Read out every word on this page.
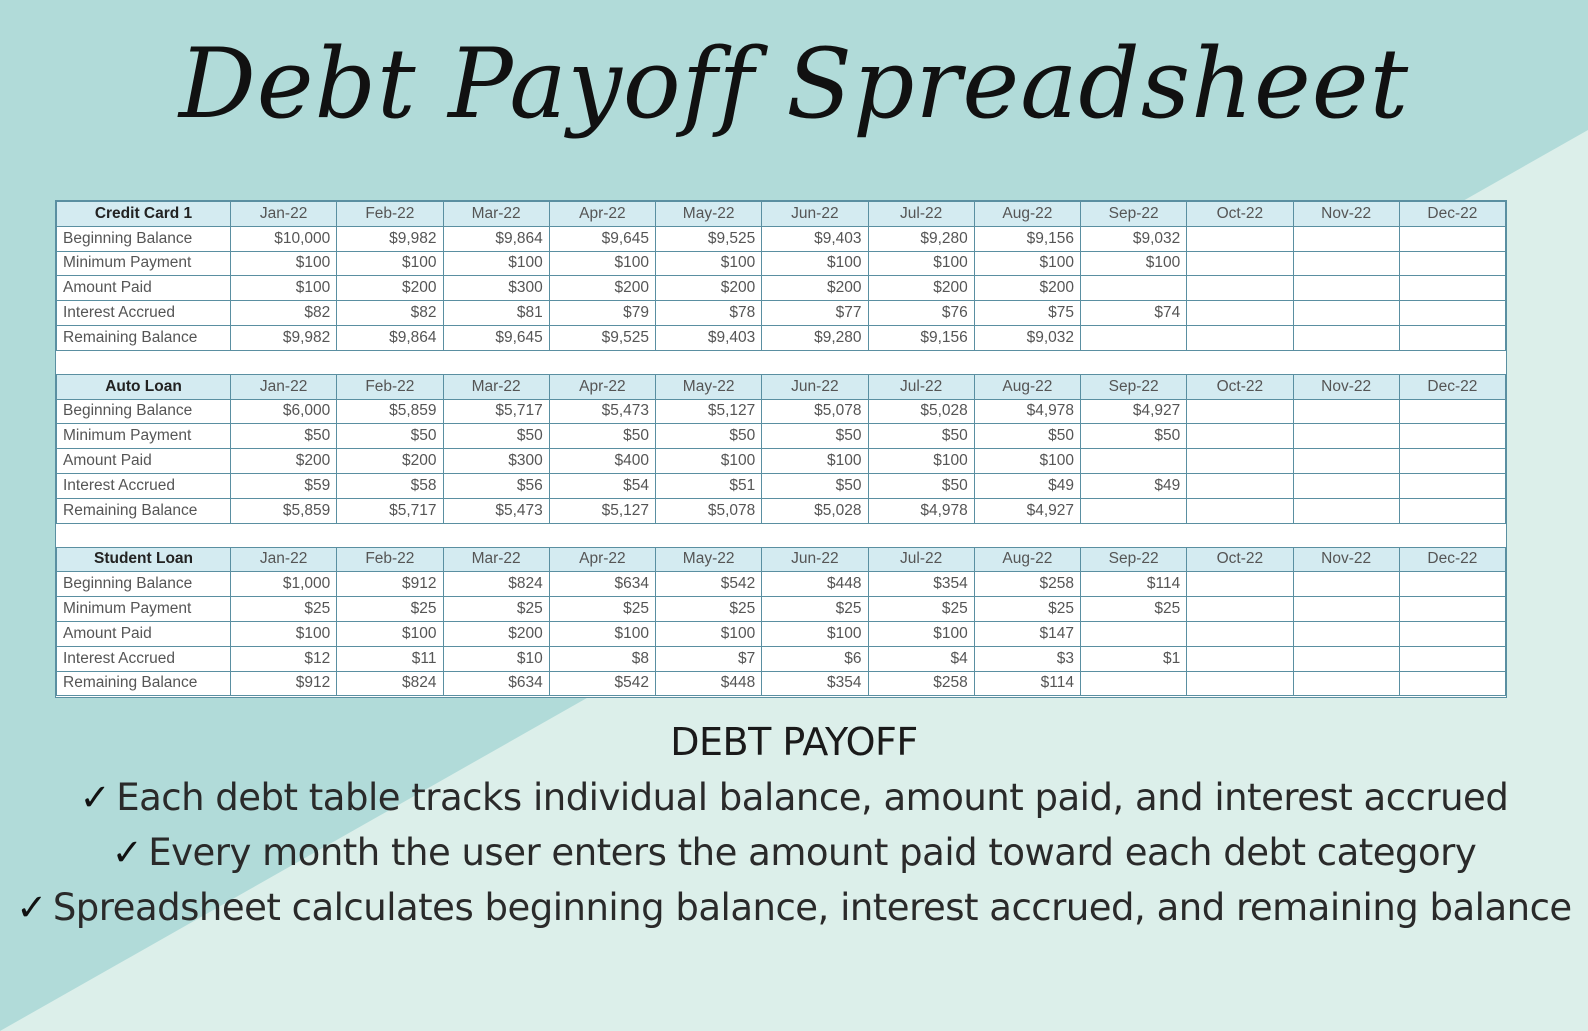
Debt Payoff Spreadsheet
Credit Card 1	Jan-22	Feb-22	Mar-22	Apr-22	May-22	Jun-22	Jul-22	Aug-22	Sep-22	Oct-22	Nov-22	Dec-22
Beginning Balance	$10,000	$9,982	$9,864	$9,645	$9,525	$9,403	$9,280	$9,156	$9,032			
Minimum Payment	$100	$100	$100	$100	$100	$100	$100	$100	$100			
Amount Paid	$100	$200	$300	$200	$200	$200	$200	$200				
Interest Accrued	$82	$82	$81	$79	$78	$77	$76	$75	$74			
Remaining Balance	$9,982	$9,864	$9,645	$9,525	$9,403	$9,280	$9,156	$9,032				

Auto Loan	Jan-22	Feb-22	Mar-22	Apr-22	May-22	Jun-22	Jul-22	Aug-22	Sep-22	Oct-22	Nov-22	Dec-22
Beginning Balance	$6,000	$5,859	$5,717	$5,473	$5,127	$5,078	$5,028	$4,978	$4,927			
Minimum Payment	$50	$50	$50	$50	$50	$50	$50	$50	$50			
Amount Paid	$200	$200	$300	$400	$100	$100	$100	$100				
Interest Accrued	$59	$58	$56	$54	$51	$50	$50	$49	$49			
Remaining Balance	$5,859	$5,717	$5,473	$5,127	$5,078	$5,028	$4,978	$4,927				

Student Loan	Jan-22	Feb-22	Mar-22	Apr-22	May-22	Jun-22	Jul-22	Aug-22	Sep-22	Oct-22	Nov-22	Dec-22
Beginning Balance	$1,000	$912	$824	$634	$542	$448	$354	$258	$114			
Minimum Payment	$25	$25	$25	$25	$25	$25	$25	$25	$25			
Amount Paid	$100	$100	$200	$100	$100	$100	$100	$147				
Interest Accrued	$12	$11	$10	$8	$7	$6	$4	$3	$1			
Remaining Balance	$912	$824	$634	$542	$448	$354	$258	$114				
DEBT PAYOFF
✓ Each debt table tracks individual balance, amount paid, and interest accrued
✓ Every month the user enters the amount paid toward each debt category
✓ Spreadsheet calculates beginning balance, interest accrued, and remaining balance
